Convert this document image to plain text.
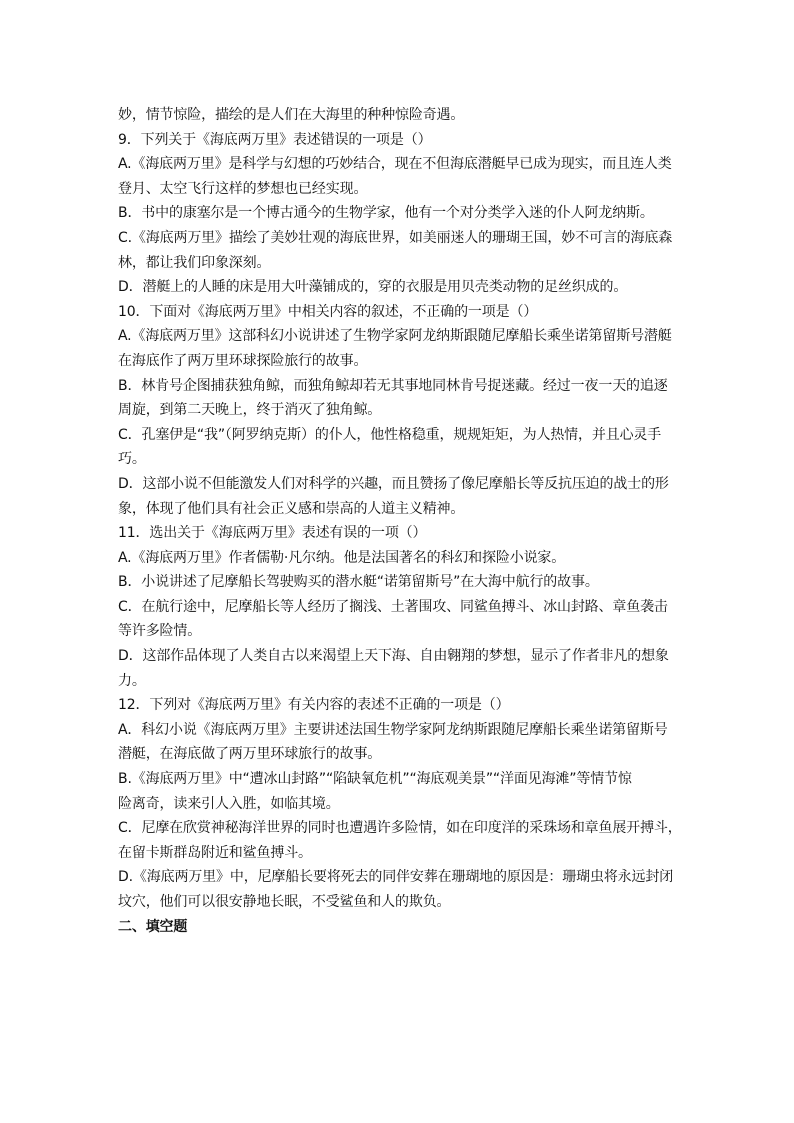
妙，情节惊险，描绘的是人们在大海里的种种惊险奇遇。
9．下列关于《海底两万里》表述错误的一项是（）
A.《海底两万里》是科学与幻想的巧妙结合，现在不但海底潜艇早已成为现实，而且连人类
登月、太空飞行这样的梦想也已经实现。
B．书中的康塞尔是一个博古通今的生物学家，他有一个对分类学入迷的仆人阿龙纳斯。
C.《海底两万里》描绘了美妙壮观的海底世界，如美丽迷人的珊瑚王国，妙不可言的海底森
林，都让我们印象深刻。
D．潜艇上的人睡的床是用大叶藻铺成的，穿的衣服是用贝壳类动物的足丝织成的。
10．下面对《海底两万里》中相关内容的叙述，不正确的一项是（）
A.《海底两万里》这部科幻小说讲述了生物学家阿龙纳斯跟随尼摩船长乘坐诺第留斯号潜艇
在海底作了两万里环球探险旅行的故事。
B．林肯号企图捕获独角鲸，而独角鲸却若无其事地同林肯号捉迷藏。经过一夜一天的追逐
周旋，到第二天晚上，终于消灭了独角鲸。
C．孔塞伊是“我”（阿罗纳克斯）的仆人，他性格稳重，规规矩矩，为人热情，并且心灵手
巧。
D．这部小说不但能激发人们对科学的兴趣，而且赞扬了像尼摩船长等反抗压迫的战士的形
象，体现了他们具有社会正义感和崇高的人道主义精神。
11．选出关于《海底两万里》表述有误的一项（）
A.《海底两万里》作者儒勒·凡尔纳。他是法国著名的科幻和探险小说家。
B．小说讲述了尼摩船长驾驶购买的潜水艇“诺第留斯号”在大海中航行的故事。
C．在航行途中，尼摩船长等人经历了搁浅、土著围攻、同鲨鱼搏斗、冰山封路、章鱼袭击
等许多险情。
D．这部作品体现了人类自古以来渴望上天下海、自由翱翔的梦想，显示了作者非凡的想象
力。
12．下列对《海底两万里》有关内容的表述不正确的一项是（）
A．科幻小说《海底两万里》主要讲述法国生物学家阿龙纳斯跟随尼摩船长乘坐诺第留斯号
潜艇，在海底做了两万里环球旅行的故事。
B.《海底两万里》中“遭冰山封路”“陷缺氧危机”“海底观美景”“洋面见海滩”等情节惊
险离奇，读来引人入胜，如临其境。
C．尼摩在欣赏神秘海洋世界的同时也遭遇许多险情，如在印度洋的采珠场和章鱼展开搏斗，
在留卡斯群岛附近和鲨鱼搏斗。
D.《海底两万里》中，尼摩船长要将死去的同伴安葬在珊瑚地的原因是：珊瑚虫将永远封闭
坟穴，他们可以很安静地长眠，不受鲨鱼和人的欺负。
二、填空题
